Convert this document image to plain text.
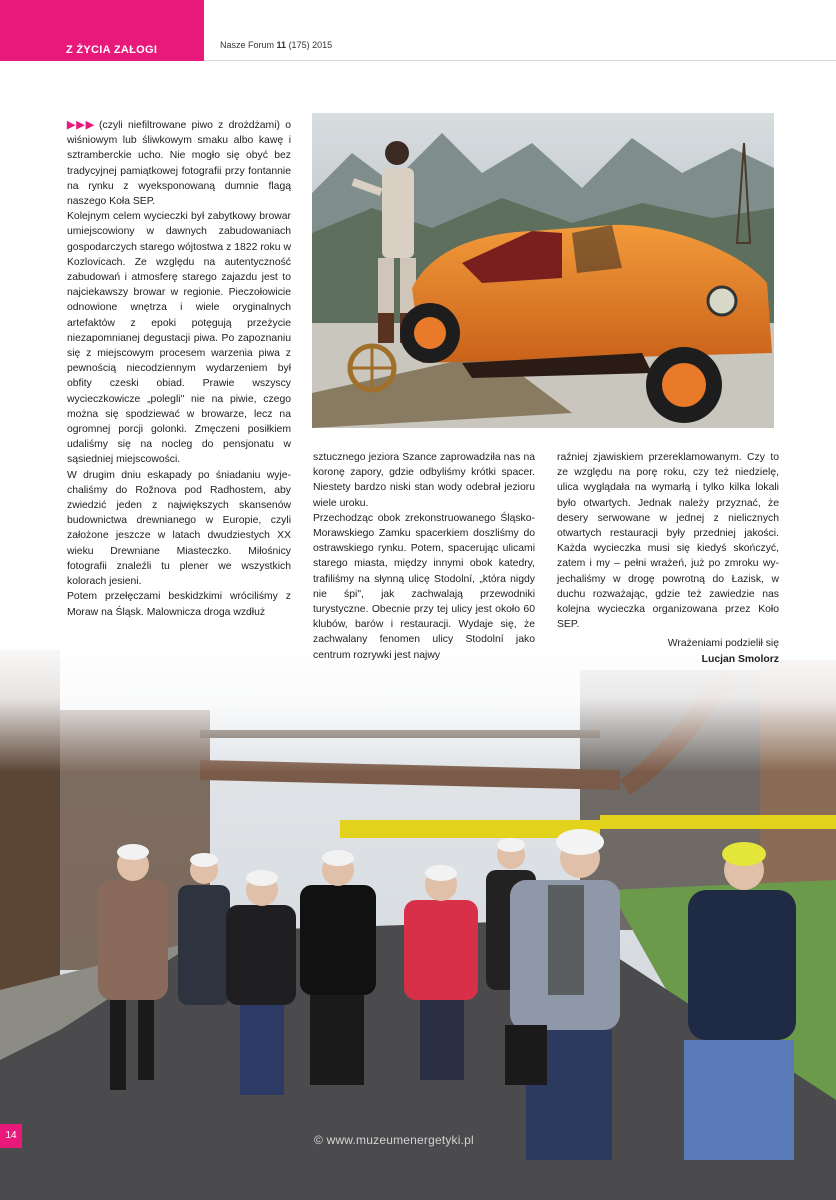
Z ŻYCIA ZAŁOGI	Nasze Forum 11 (175) 2015

▶▶▶ (czyli niefiltrowane piwo z drożdżami) o wiśniowym lub śliwkowym smaku albo kawę i sztramberckie ucho. Nie mogło się obyć bez tradycyjnej pamiątkowej fotografii przy fontannie na rynku z wyeksponowaną dumnie flagą naszego Koła SEP.

Kolejnym celem wycieczki był zabytkowy browar umiejscowiony w dawnych zabudowaniach gospodarczych starego wójtostwa z 1822 roku w Kozlovicach. Ze względu na autentyczność zabudowań i atmosferę starego zajazdu jest to najciekawszy browar w regionie. Pieczołowicie odnowione wnętrza i wiele oryginalnych artefaktów z epoki potęgują przeżycie niezapomnianej degustacji piwa. Po zapoznaniu się z miejscowym procesem warzenia piwa z pewnością niecodziennym wydarzeniem był obfity czeski obiad. Prawie wszyscy wycieczkowicze „polegli" nie na piwie, czego można się spodziewać w browarze, lecz na ogromnej porcji golonki. Zmęczeni posiłkiem udaliśmy się na nocleg do pensjonatu w sąsiedniej miejscowości.

W drugim dniu eskapady po śniadaniu wyjechaliśmy do Rožnova pod Radhostem, aby zwiedzić jeden z największych skansenów budownictwa drewnianego w Europie, czyli założone jeszcze w latach dwudziestych XX wieku Drewniane Miasteczko. Miłośnicy fotografii znaleźli tu plener we wszystkich kolorach jesieni.

Potem przełęczami beskidzkimi wróciliśmy z Moraw na Śląsk. Malownicza droga wzdłuż

sztucznego jeziora Szance zaprowadziła nas na koronę zapory, gdzie odbyliśmy krótki spacer. Niestety bardzo niski stan wody odebrał jezioru wiele uroku.

Przechodząc obok zrekonstruowanego Śląsko-Morawskiego Zamku spacerkiem doszliśmy do ostrawskiego rynku. Potem, spacerując ulicami starego miasta, między innymi obok katedry, trafiliśmy na słynną ulicę Stodolní, „która nigdy nie śpi", jak zachwalają przewodniki turystyczne. Obecnie przy tej ulicy jest około 60 klubów, barów i restauracji. Wydaje się, że zachwalany fenomen ulicy Stodolní jako centrum rozrywki jest najwy

raźniej zjawiskiem przereklamowanym. Czy to ze względu na porę roku, czy też niedzielę, ulica wyglądała na wymarłą i tylko kilka lokali było otwartych. Jednak należy przyznać, że desery serwowane w jednej z nielicznych otwartych restauracji były przedniej jakości. Każda wycieczka musi się kiedyś skończyć, zatem i my – pełni wrażeń, już po zmroku wyjechaliśmy w drogę powrotną do Łazisk, w duchu rozważając, gdzie też zawiedzie nas kolejna wycieczka organizowana przez Koło SEP.

Wrażeniami podzielił się
Lucjan Smolorz

14	© www.muzeumenergetyki.pl
